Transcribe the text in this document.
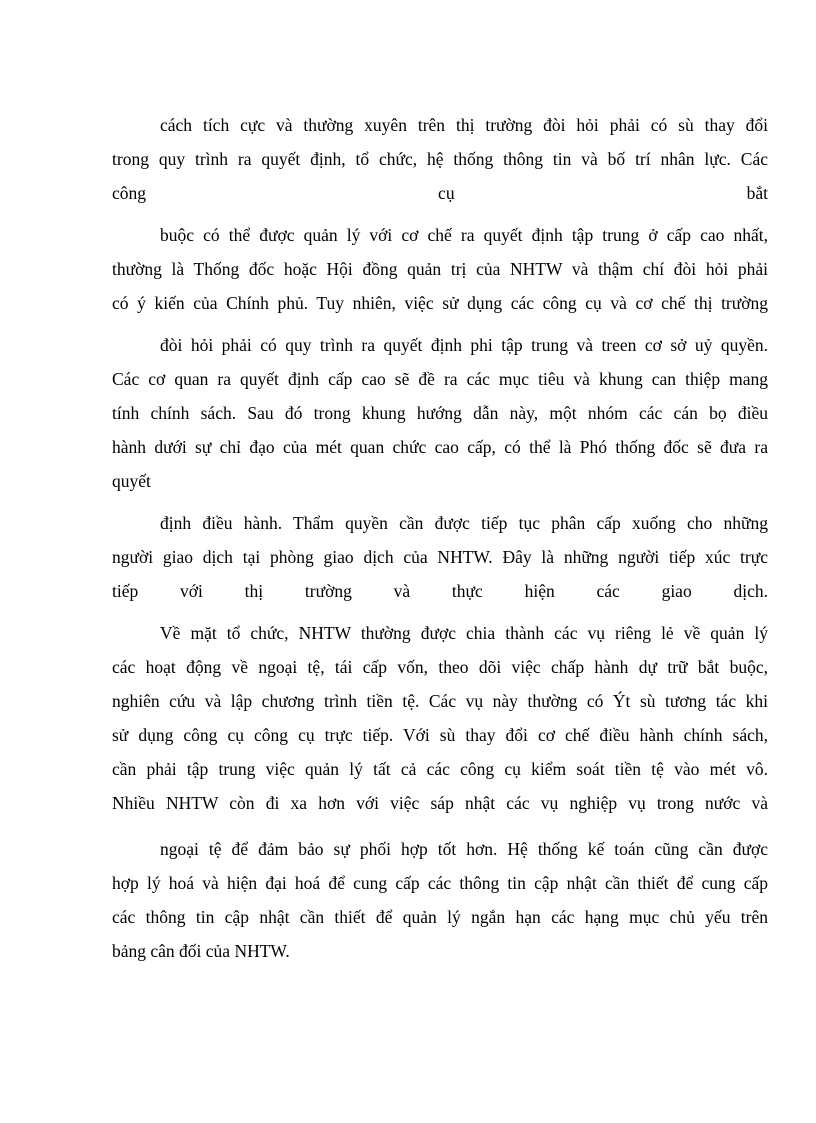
cách tích cực và thường xuyên trên thị trường đòi hỏi phải có sù thay đổi
trong quy trình ra quyết định, tổ chức, hệ thống thông tin và bố trí nhân lực. Các
công cụ bắt
buộc có thể được quản lý với cơ chế ra quyết định tập trung ở cấp cao nhất,
thường là Thống đốc hoặc Hội đồng quản trị của NHTW và thậm chí đòi hỏi phải
có ý kiến của Chính phủ. Tuy nhiên, việc sử dụng các công cụ và cơ chế thị trường
đòi hỏi phải có quy trình ra quyết định phi tập trung và treen cơ sở uỷ quyền.
Các cơ quan ra quyết định cấp cao sẽ đề ra các mục tiêu và khung can thiệp mang
tính chính sách. Sau đó trong khung hướng dẫn này, một nhóm các cán bọ điều
hành dưới sự chỉ đạo của mét quan chức cao cấp, có thể là Phó thống đốc sẽ đưa ra
quyết
định điều hành. Thẩm quyền cần được tiếp tục phân cấp xuống cho những
người giao dịch tại phòng giao dịch của NHTW. Đây là những người tiếp xúc trực
tiếp với thị trường và thực hiện các giao dịch.
Về mặt tổ chức, NHTW thường được chia thành các vụ riêng lẻ về quản lý
các hoạt động về ngoại tệ, tái cấp vốn, theo dõi việc chấp hành dự trữ bắt buộc,
nghiên cứu và lập chương trình tiền tệ. Các vụ này thường có Ýt sù tương tác khi
sử dụng công cụ công cụ trực tiếp. Với sù thay đổi cơ chế điều hành chính sách,
cần phải tập trung việc quản lý tất cả các công cụ kiểm soát tiền tệ vào mét vô.
Nhiều NHTW còn đi xa hơn với việc sáp nhật các vụ nghiệp vụ trong nước và
ngoại tệ để đảm bảo sự phối hợp tốt hơn. Hệ thống kế toán cũng cần được
hợp lý hoá và hiện đại hoá để cung cấp các thông tin cập nhật cần thiết để cung cấp
các thông tin cập nhật cần thiết để quản lý ngắn hạn các hạng mục chủ yếu trên
bảng cân đối của NHTW.
